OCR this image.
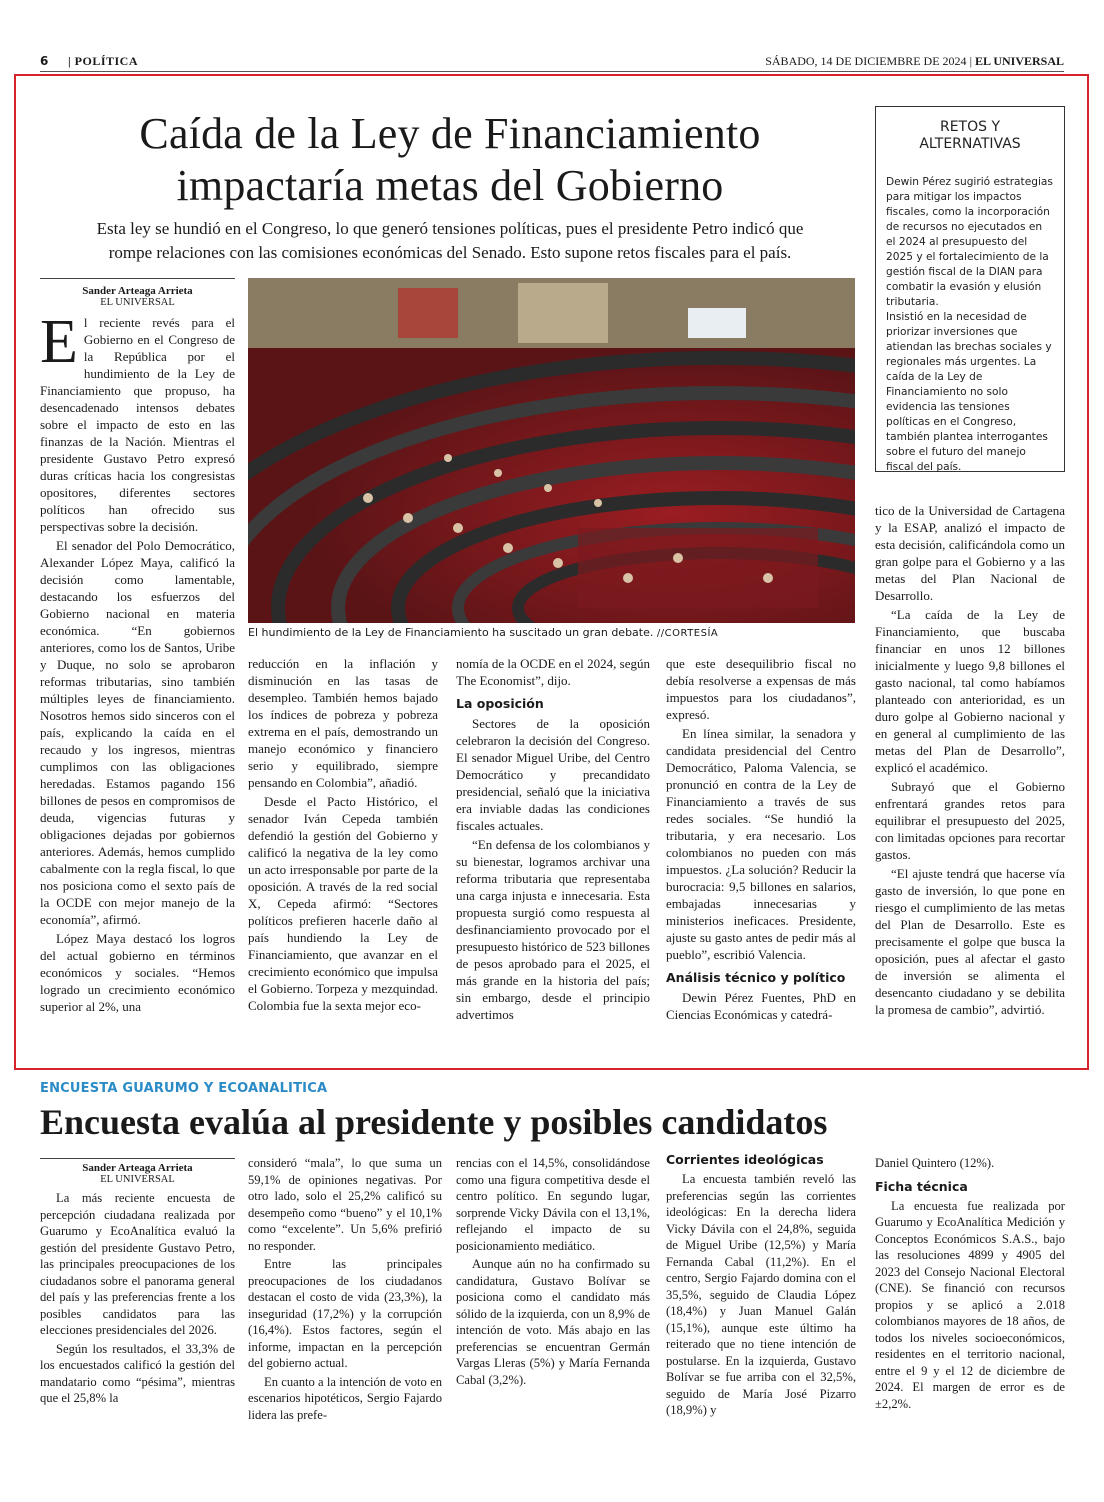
6 | POLÍTICA	SÁBADO, 14 DE DICIEMBRE DE 2024 | EL UNIVERSAL
Caída de la Ley de Financiamiento
impactaría metas del Gobierno
Esta ley se hundió en el Congreso, lo que generó tensiones políticas, pues el presidente Petro indicó que
rompe relaciones con las comisiones económicas del Senado. Esto supone retos fiscales para el país.
RETOS Y
ALTERNATIVAS

Dewin Pérez sugirió estrategias para mitigar los impactos fiscales, como la incorporación de recursos no ejecutados en el 2024 al presupuesto del 2025 y el fortalecimiento de la gestión fiscal de la DIAN para combatir la evasión y elusión tributaria.

Insistió en la necesidad de priorizar inversiones que atiendan las brechas sociales y regionales más urgentes. La caída de la Ley de Financiamiento no solo evidencia las tensiones políticas en el Congreso, también plantea interrogantes sobre el futuro del manejo fiscal del país.

Sander Arteaga Arrieta
EL UNIVERSAL

El reciente revés para el Gobierno en el Congreso de la República por el hundimiento de la Ley de Financiamiento que propuso, ha desencadenado intensos debates sobre el impacto de esto en las finanzas de la Nación. Mientras el presidente Gustavo Petro expresó duras críticas hacia los congresistas opositores, diferentes sectores políticos han ofrecido sus perspectivas sobre la decisión.

El senador del Polo Democrático, Alexander López Maya, calificó la decisión como lamentable, destacando los esfuerzos del Gobierno nacional en materia económica. “En gobiernos anteriores, como los de Santos, Uribe y Duque, no solo se aprobaron reformas tributarias, sino también múltiples leyes de financiamiento. Nosotros hemos sido sinceros con el país, explicando la caída en el recaudo y los ingresos, mientras cumplimos con las obligaciones heredadas. Estamos pagando 156 billones de pesos en compromisos de deuda, vigencias futuras y obligaciones dejadas por gobiernos anteriores. Además, hemos cumplido cabalmente con la regla fiscal, lo que nos posiciona como el sexto país de la OCDE con mejor manejo de la economía”, afirmó.

López Maya destacó los logros del actual gobierno en términos económicos y sociales. “Hemos logrado un crecimiento económico superior al 2%, una

El hundimiento de la Ley de Financiamiento ha suscitado un gran debate. //CORTESÍA

reducción en la inflación y disminución en las tasas de desempleo. También hemos bajado los índices de pobreza y pobreza extrema en el país, demostrando un manejo económico y financiero serio y equilibrado, siempre pensando en Colombia”, añadió.

Desde el Pacto Histórico, el senador Iván Cepeda también defendió la gestión del Gobierno y calificó la negativa de la ley como un acto irresponsable por parte de la oposición. A través de la red social X, Cepeda afirmó: “Sectores políticos prefieren hacerle daño al país hundiendo la Ley de Financiamiento, que avanzar en el crecimiento económico que impulsa el Gobierno. Torpeza y mezquindad. Colombia fue la sexta mejor eco-

nomía de la OCDE en el 2024, según The Economist”, dijo.

La oposición

Sectores de la oposición celebraron la decisión del Congreso. El senador Miguel Uribe, del Centro Democrático y precandidato presidencial, señaló que la iniciativa era inviable dadas las condiciones fiscales actuales.

“En defensa de los colombianos y su bienestar, logramos archivar una reforma tributaria que representaba una carga injusta e innecesaria. Esta propuesta surgió como respuesta al desfinanciamiento provocado por el presupuesto histórico de 523 billones de pesos aprobado para el 2025, el más grande en la historia del país; sin embargo, desde el principio advertimos

que este desequilibrio fiscal no debía resolverse a expensas de más impuestos para los ciudadanos”, expresó.

En línea similar, la senadora y candidata presidencial del Centro Democrático, Paloma Valencia, se pronunció en contra de la Ley de Financiamiento a través de sus redes sociales. “Se hundió la tributaria, y era necesario. Los colombianos no pueden con más impuestos. ¿La solución? Reducir la burocracia: 9,5 billones en salarios, embajadas innecesarias y ministerios ineficaces. Presidente, ajuste su gasto antes de pedir más al pueblo”, escribió Valencia.

Análisis técnico y político

Dewin Pérez Fuentes, PhD en Ciencias Económicas y catedrá-

tico de la Universidad de Cartagena y la ESAP, analizó el impacto de esta decisión, calificándola como un gran golpe para el Gobierno y a las metas del Plan Nacional de Desarrollo.

“La caída de la Ley de Financiamiento, que buscaba financiar en unos 12 billones inicialmente y luego 9,8 billones el gasto nacional, tal como habíamos planteado con anterioridad, es un duro golpe al Gobierno nacional y en general al cumplimiento de las metas del Plan de Desarrollo”, explicó el académico.

Subrayó que el Gobierno enfrentará grandes retos para equilibrar el presupuesto del 2025, con limitadas opciones para recortar gastos.

“El ajuste tendrá que hacerse vía gasto de inversión, lo que pone en riesgo el cumplimiento de las metas del Plan de Desarrollo. Este es precisamente el golpe que busca la oposición, pues al afectar el gasto de inversión se alimenta el desencanto ciudadano y se debilita la promesa de cambio”, advirtió.

ENCUESTA GUARUMO Y ECOANALITICA
Encuesta evalúa al presidente y posibles candidatos
Sander Arteaga Arrieta
EL UNIVERSAL

La más reciente encuesta de percepción ciudadana realizada por Guarumo y EcoAnalítica evaluó la gestión del presidente Gustavo Petro, las principales preocupaciones de los ciudadanos sobre el panorama general del país y las preferencias frente a los posibles candidatos para las elecciones presidenciales del 2026.

Según los resultados, el 33,3% de los encuestados calificó la gestión del mandatario como “pésima”, mientras que el 25,8% la

consideró “mala”, lo que suma un 59,1% de opiniones negativas. Por otro lado, solo el 25,2% calificó su desempeño como “bueno” y el 10,1% como “excelente”. Un 5,6% prefirió no responder.

Entre las principales preocupaciones de los ciudadanos destacan el costo de vida (23,3%), la inseguridad (17,2%) y la corrupción (16,4%). Estos factores, según el informe, impactan en la percepción del gobierno actual.

En cuanto a la intención de voto en escenarios hipotéticos, Sergio Fajardo lidera las prefe-

rencias con el 14,5%, consolidándose como una figura competitiva desde el centro político. En segundo lugar, sorprende Vicky Dávila con el 13,1%, reflejando el impacto de su posicionamiento mediático.

Aunque aún no ha confirmado su candidatura, Gustavo Bolívar se posiciona como el candidato más sólido de la izquierda, con un 8,9% de intención de voto. Más abajo en las preferencias se encuentran Germán Vargas Lleras (5%) y María Fernanda Cabal (3,2%).

Corrientes ideológicas

La encuesta también reveló las preferencias según las corrientes ideológicas: En la derecha lidera Vicky Dávila con el 24,8%, seguida de Miguel Uribe (12,5%) y María Fernanda Cabal (11,2%). En el centro, Sergio Fajardo domina con el 35,5%, seguido de Claudia López (18,4%) y Juan Manuel Galán (15,1%), aunque este último ha reiterado que no tiene intención de postularse. En la izquierda, Gustavo Bolívar se fue arriba con el 32,5%, seguido de María José Pizarro (18,9%) y

Daniel Quintero (12%).

Ficha técnica

La encuesta fue realizada por Guarumo y EcoAnalítica Medición y Conceptos Económicos S.A.S., bajo las resoluciones 4899 y 4905 del 2023 del Consejo Nacional Electoral (CNE). Se financió con recursos propios y se aplicó a 2.018 colombianos mayores de 18 años, de todos los niveles socioeconómicos, residentes en el territorio nacional, entre el 9 y el 12 de diciembre de 2024. El margen de error es de ±2,2%.
